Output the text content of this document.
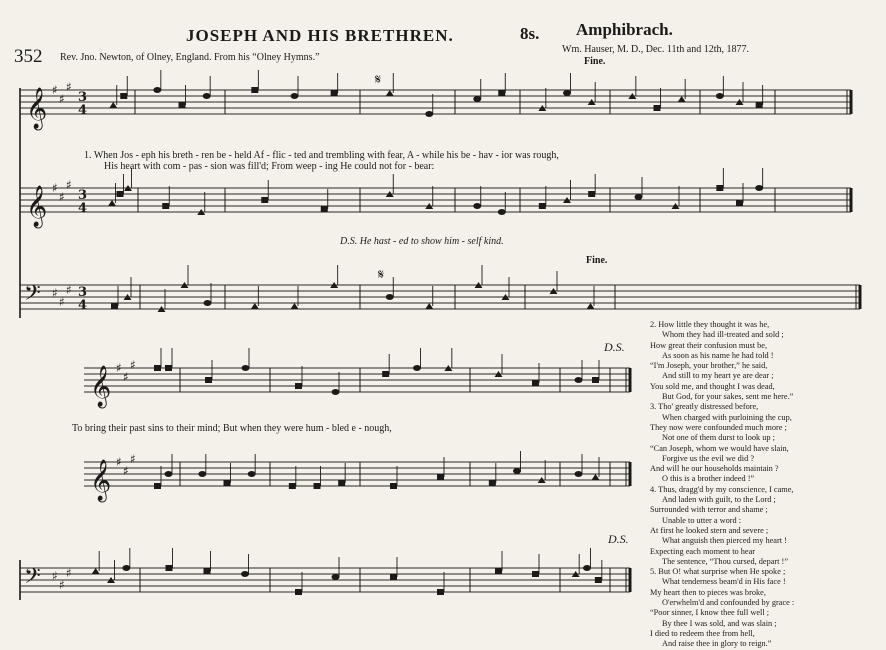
𝄞 ♯
♯
♯
3
4
𝄋
𝄞 ♯
♯
♯
3
4
𝄢 ♯
♯
♯ 3
4
𝄋
𝄞 ♯
♯
♯
𝄞 ♯
♯
♯
𝄢 ♯
♯
♯
352
JOSEPH AND HIS BRETHREN.	8s. Amphibrach.
Rev. Jno. Newton, of Olney, England. From his “Olney Hymns.”
Wm. Hauser, M. D., Dec. 11th and 12th, 1877.
Fine.
Fine.
D.S.
D.S.
1. When Jos - eph his breth - ren be - held Af - flic - ted and trembling with fear, A - while his be - hav - ior was rough,
His heart with com - pas - sion was fill'd; From weep - ing He could not for - bear:
D.S. He hast - ed to show him - self kind.
To bring their past sins to their mind; But when they were hum - bled e - nough,
2. How little they thought it was he,
Whom they had ill-treated and sold ;
How great their confusion must be,
As soon as his name he had told !
“I'm Joseph, your brother,” he said,
And still to my heart ye are dear ;
You sold me, and thought I was dead,
But God, for your sakes, sent me here.”
3. Tho' greatly distressed before,
When charged with purloining the cup,
They now were confounded much more ;
Not one of them durst to look up ;
“Can Joseph, whom we would have slain,
Forgive us the evil we did ?
And will he our households maintain ?
O this is a brother indeed !”
4. Thus, dragg'd by my conscience, I came,
And laden with guilt, to the Lord ;
Surrounded with terror and shame ;
Unable to utter a word :
At first he looked stern and severe ;
What anguish then pierced my heart !
Expecting each moment to hear
The sentence, “Thou cursed, depart !”
5. But O! what surprise when He spoke ;
What tenderness beam'd in His face !
My heart then to pieces was broke,
O'erwhelm'd and confounded by grace :
“Poor sinner, I know thee full well ;
By thee I was sold, and was slain ;
I died to redeem thee from hell,
And raise thee in glory to reign.”
